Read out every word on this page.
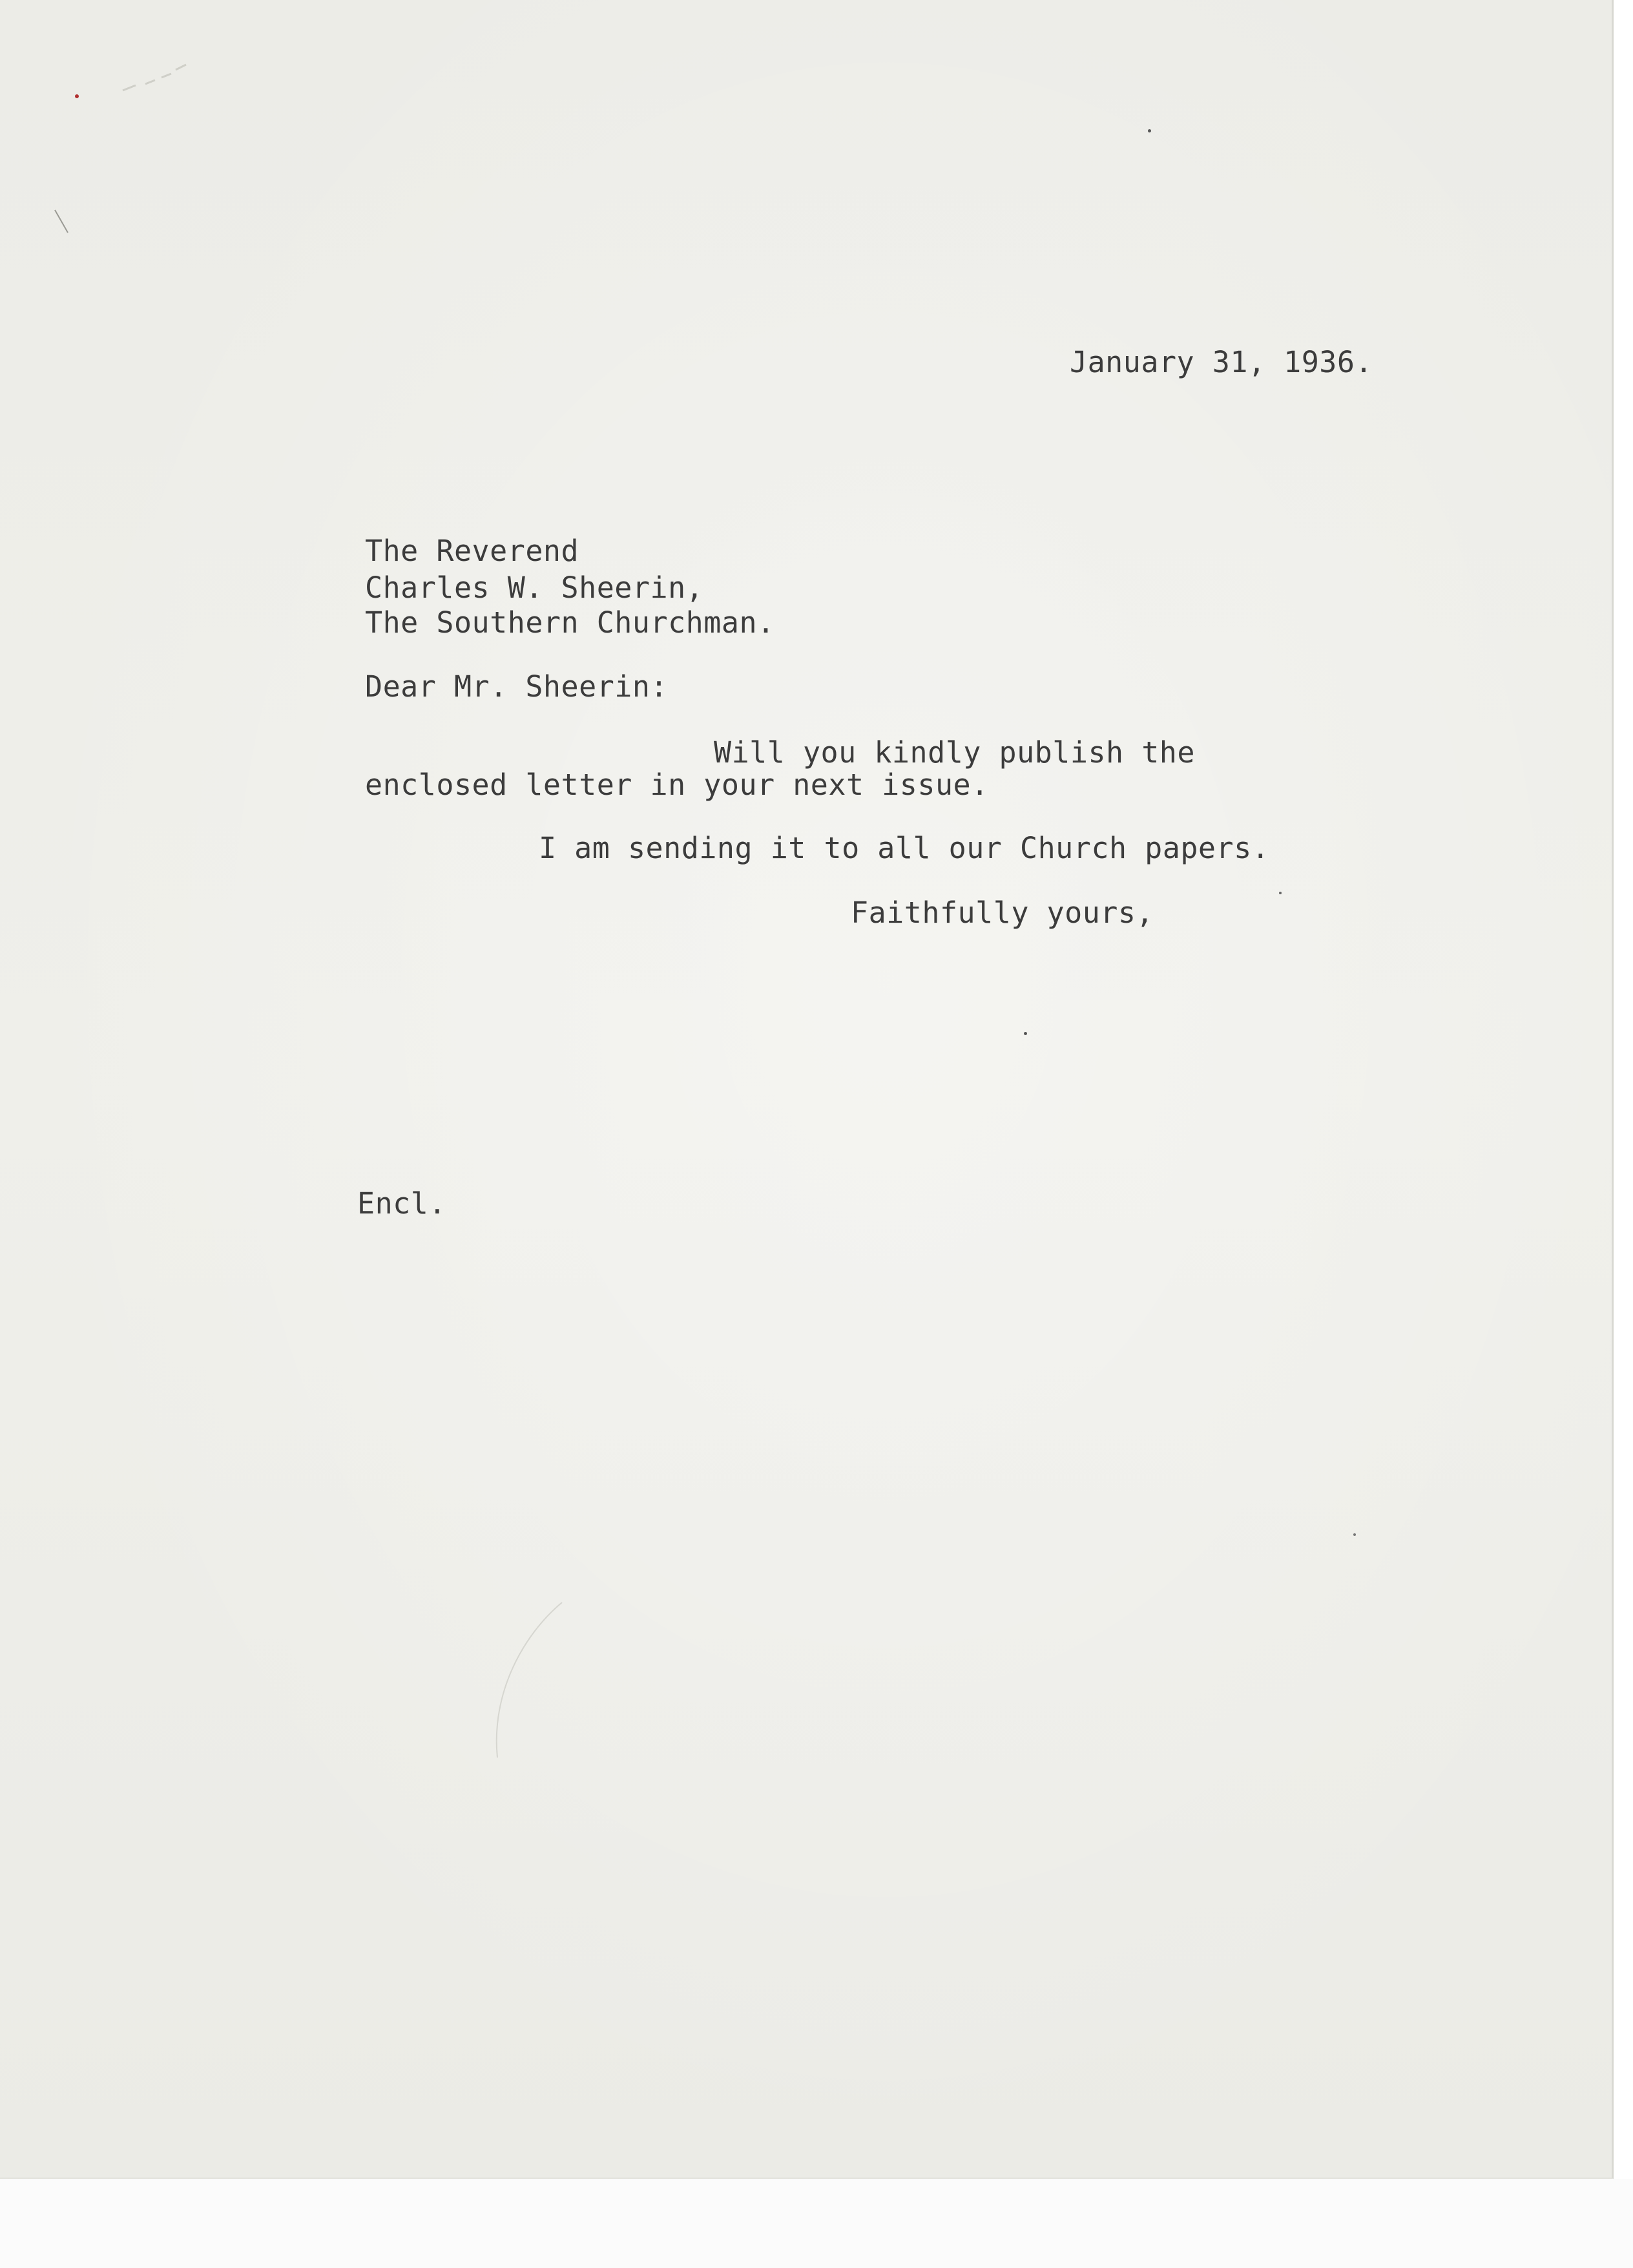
January 31, 1936.
The Reverend
Charles W. Sheerin,
The Southern Churchman.
Dear Mr. Sheerin:
Will you kindly publish the
enclosed letter in your next issue.
I am sending it to all our Church papers.
Faithfully yours,
Encl.
